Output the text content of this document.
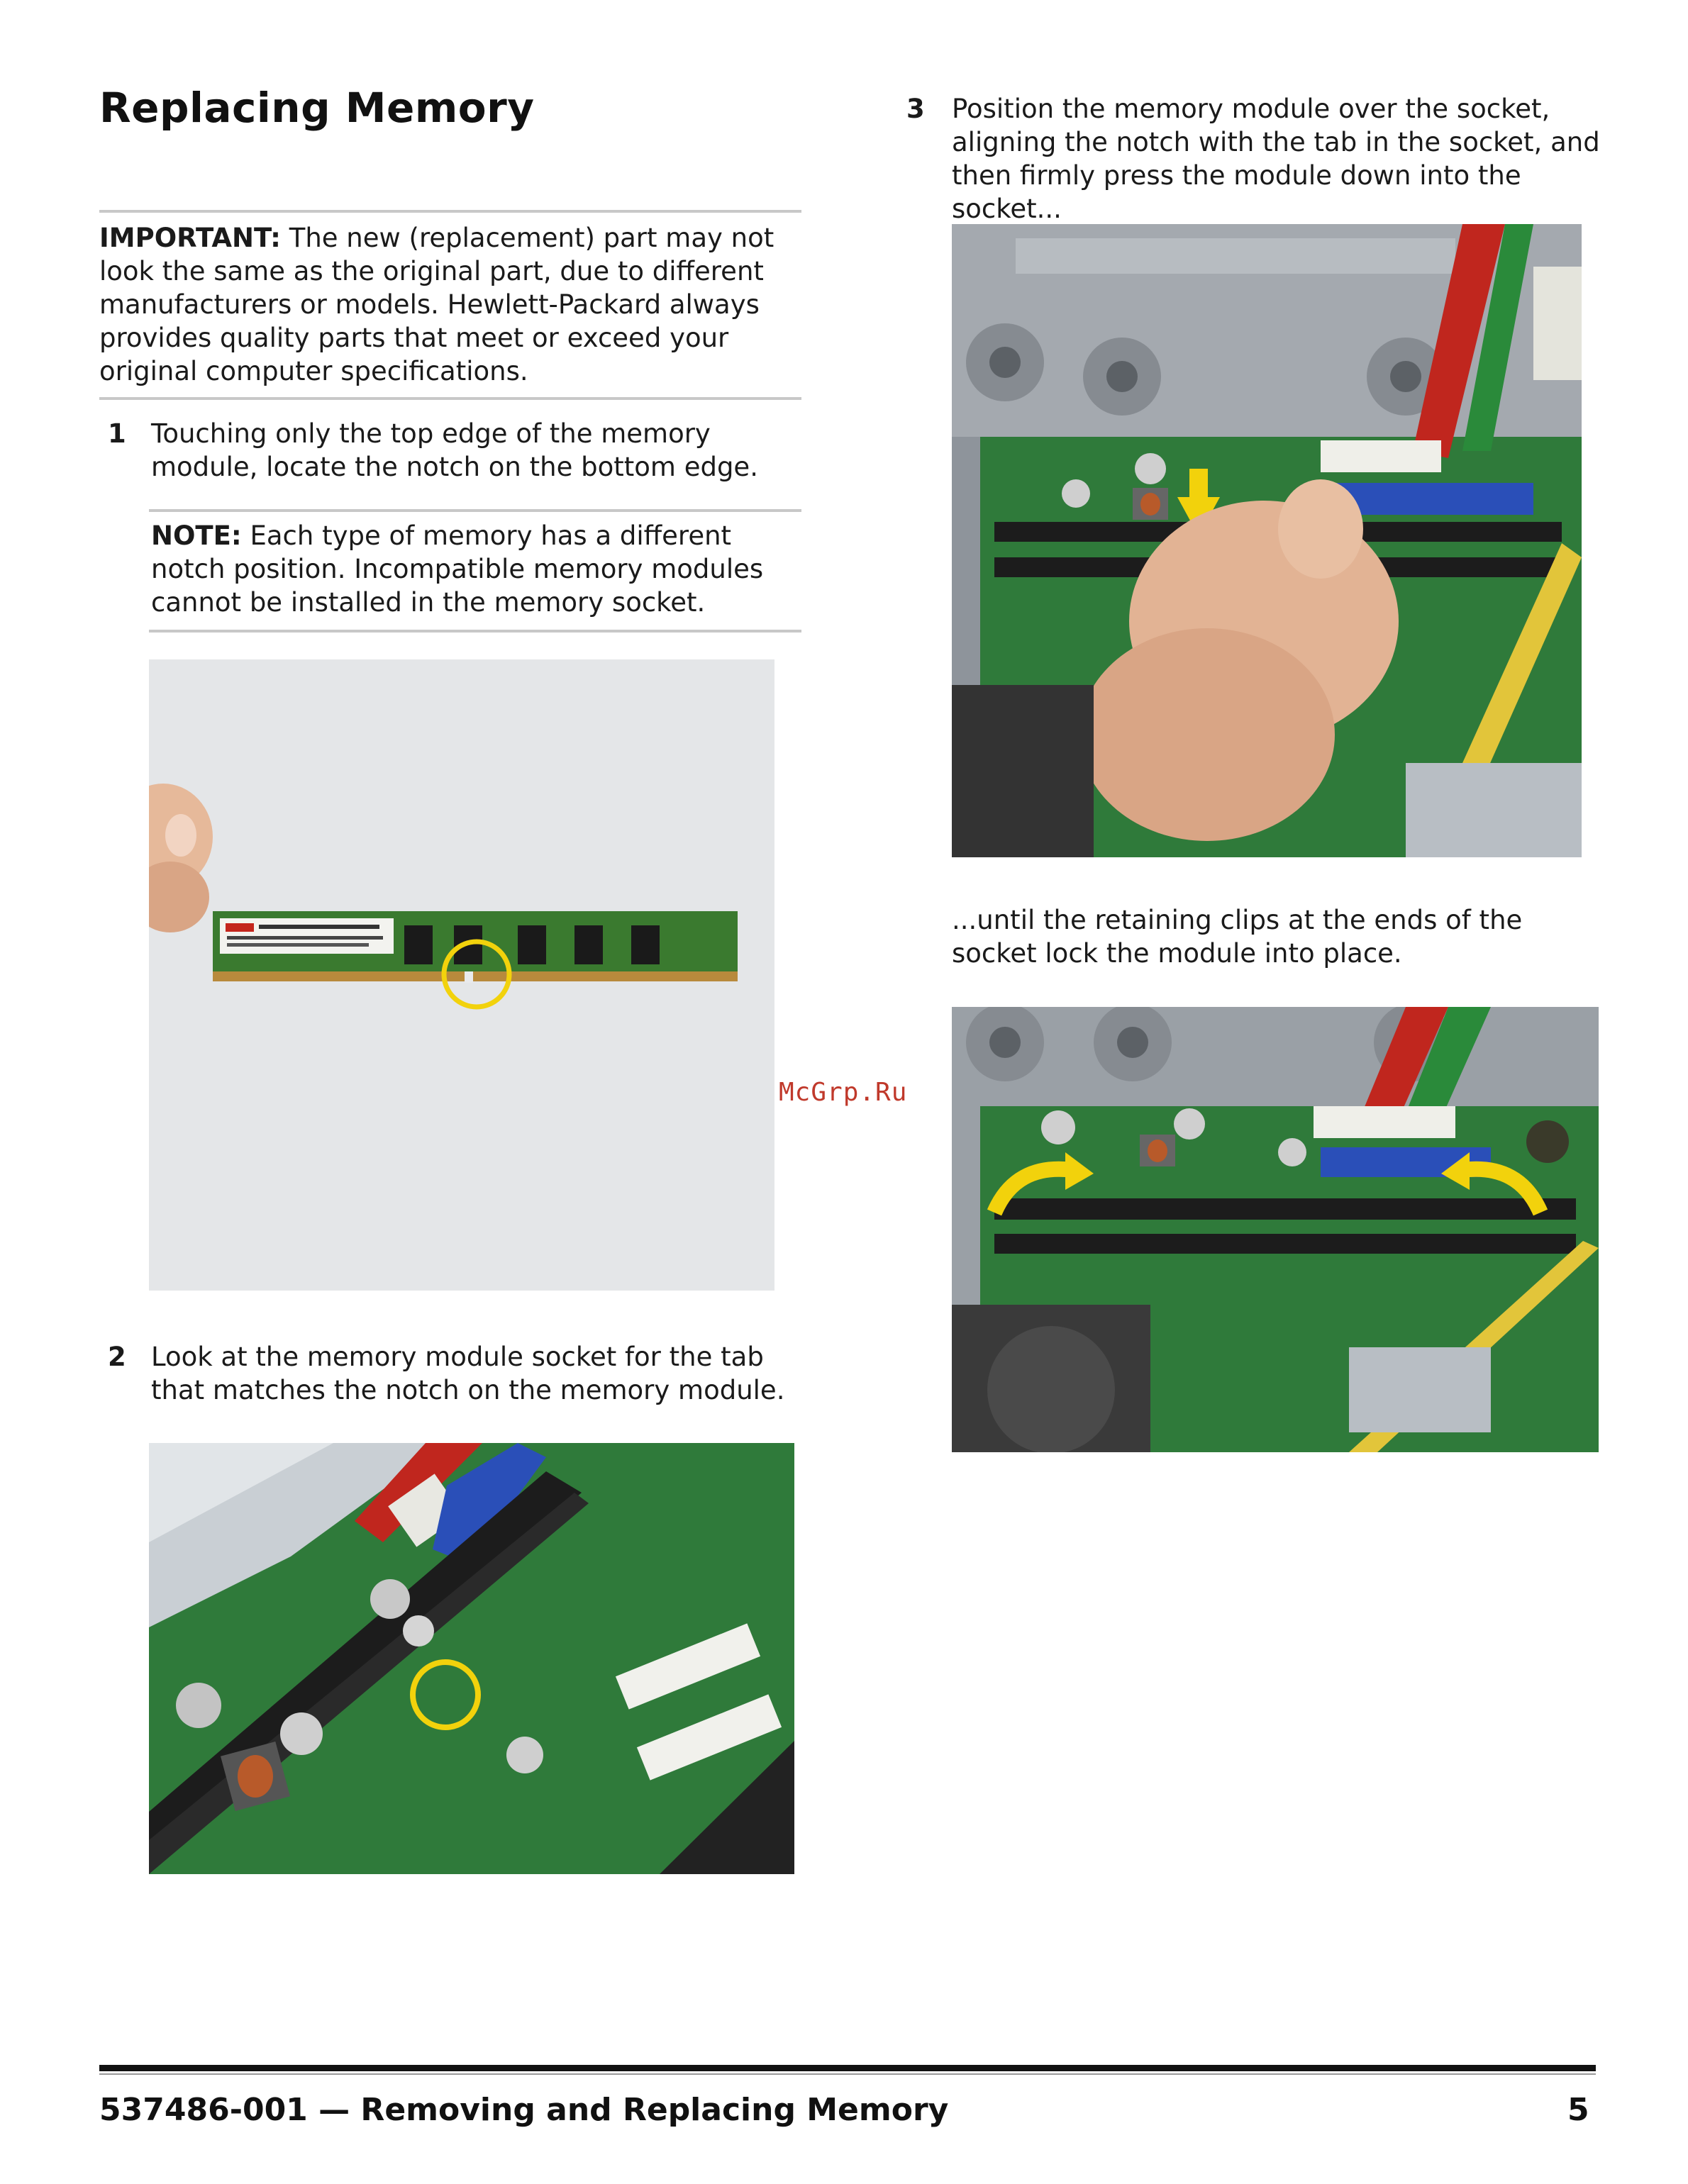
Replacing Memory
IMPORTANT: The new (replacement) part may not look the same as the original part, due to different manufacturers or models. Hewlett-Packard always provides quality parts that meet or exceed your original computer specifications.
1 Touching only the top edge of the memory module, locate the notch on the bottom edge.
NOTE: Each type of memory has a different notch position. Incompatible memory modules cannot be installed in the memory socket.
2 Look at the memory module socket for the tab that matches the notch on the memory module.
McGrp.Ru
3 Position the memory module over the socket, aligning the notch with the tab in the socket, and then firmly press the module down into the socket...
...until the retaining clips at the ends of the socket lock the module into place.
537486-001 — Removing and Replacing Memory	5
